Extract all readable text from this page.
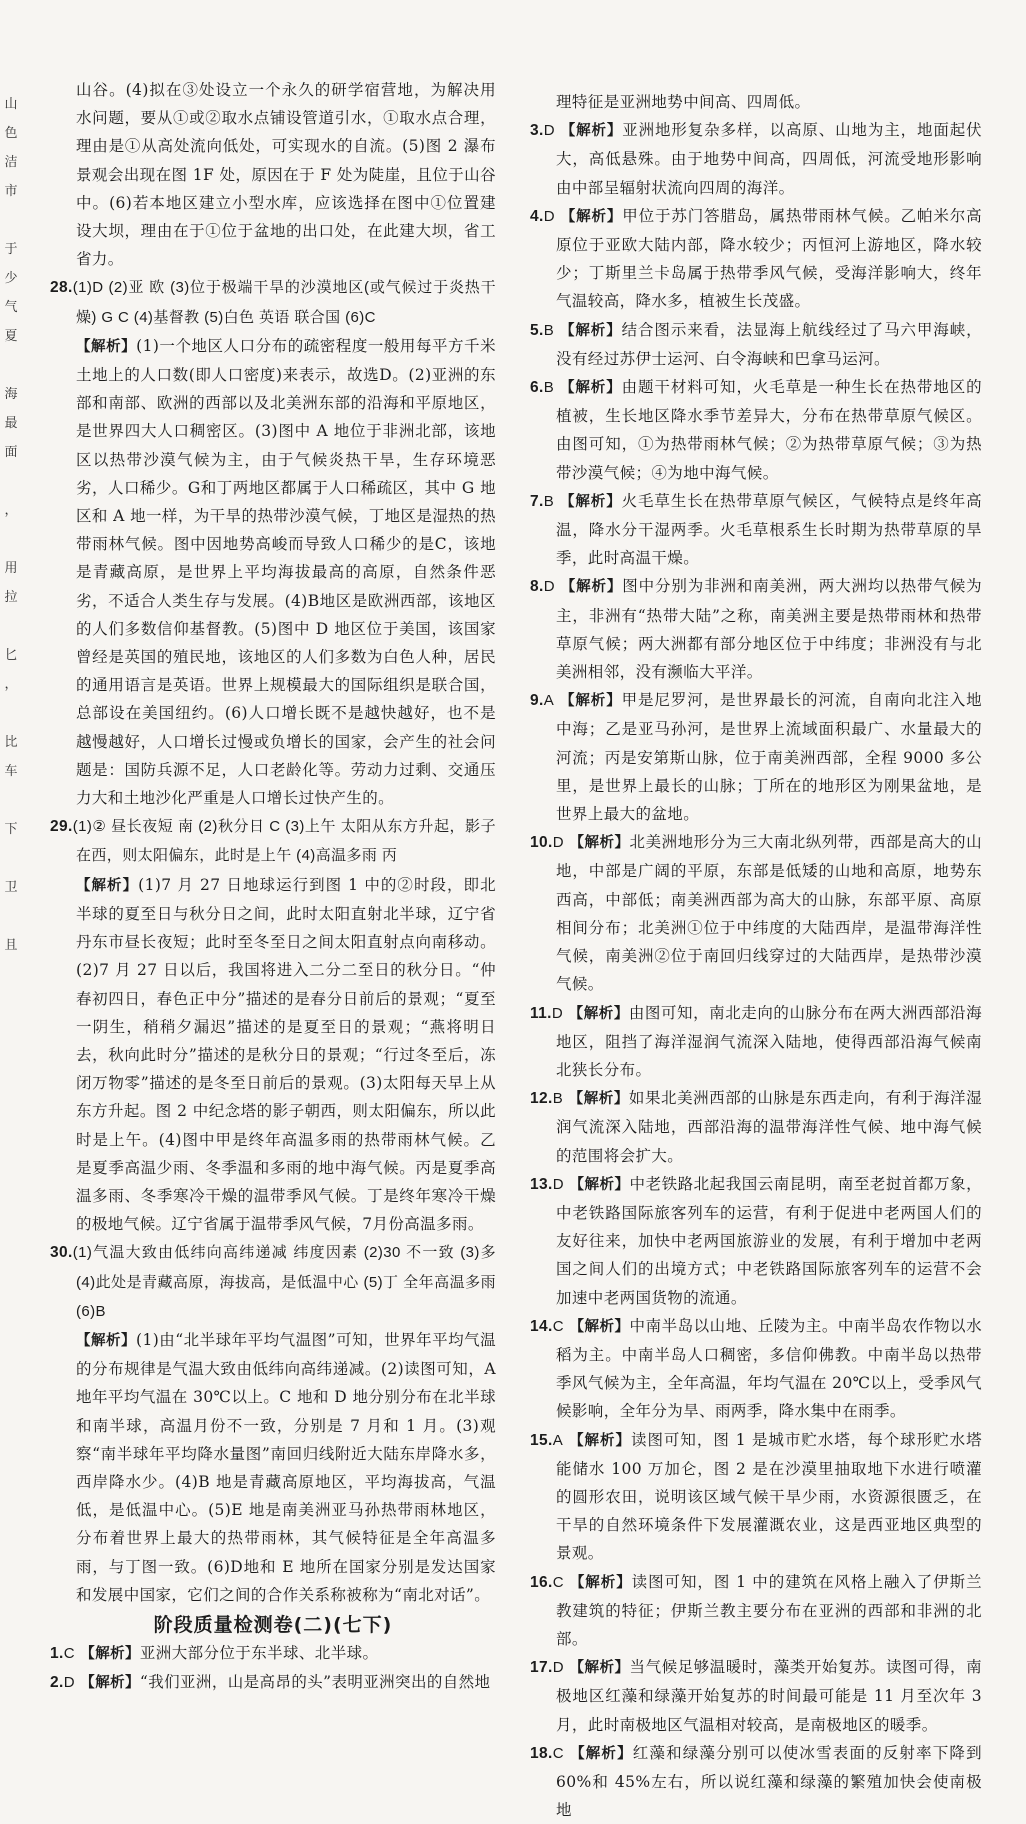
山
色
洁
市

于
少
气
夏

海
最
面

，

用
拉

匕
，

比
车

下

卫

且

山谷。(4)拟在③处设立一个永久的研学宿营地，为解决用水问题，要从①或②取水点铺设管道引水，①取水点合理，理由是①从高处流向低处，可实现水的自流。(5)图 2 瀑布景观会出现在图 1F 处，原因在于 F 处为陡崖，且位于山谷中。(6)若本地区建立小型水库，应该选择在图中①位置建设大坝，理由在于①位于盆地的出口处，在此建大坝，省工省力。

28.(1)D (2)亚 欧 (3)位于极端干旱的沙漠地区(或气候过于炎热干燥) G C (4)基督教 (5)白色 英语 联合国 (6)C

【解析】(1)一个地区人口分布的疏密程度一般用每平方千米土地上的人口数(即人口密度)来表示，故选D。(2)亚洲的东部和南部、欧洲的西部以及北美洲东部的沿海和平原地区，是世界四大人口稠密区。(3)图中 A 地位于非洲北部，该地区以热带沙漠气候为主，由于气候炎热干旱，生存环境恶劣，人口稀少。G和丁两地区都属于人口稀疏区，其中 G 地区和 A 地一样，为干旱的热带沙漠气候，丁地区是湿热的热带雨林气候。图中因地势高峻而导致人口稀少的是C，该地是青藏高原，是世界上平均海拔最高的高原，自然条件恶劣，不适合人类生存与发展。(4)B地区是欧洲西部，该地区的人们多数信仰基督教。(5)图中 D 地区位于美国，该国家曾经是英国的殖民地，该地区的人们多数为白色人种，居民的通用语言是英语。世界上规模最大的国际组织是联合国，总部设在美国纽约。(6)人口增长既不是越快越好，也不是越慢越好，人口增长过慢或负增长的国家，会产生的社会问题是：国防兵源不足，人口老龄化等。劳动力过剩、交通压力大和土地沙化严重是人口增长过快产生的。

29.(1)② 昼长夜短 南 (2)秋分日 C (3)上午 太阳从东方升起，影子在西，则太阳偏东，此时是上午 (4)高温多雨 丙

【解析】(1)7 月 27 日地球运行到图 1 中的②时段，即北半球的夏至日与秋分日之间，此时太阳直射北半球，辽宁省丹东市昼长夜短；此时至冬至日之间太阳直射点向南移动。(2)7 月 27 日以后，我国将进入二分二至日的秋分日。“仲春初四日，春色正中分”描述的是春分日前后的景观；“夏至一阴生，稍稍夕漏迟”描述的是夏至日的景观；“燕将明日去，秋向此时分”描述的是秋分日的景观；“行过冬至后，冻闭万物零”描述的是冬至日前后的景观。(3)太阳每天早上从东方升起。图 2 中纪念塔的影子朝西，则太阳偏东，所以此时是上午。(4)图中甲是终年高温多雨的热带雨林气候。乙是夏季高温少雨、冬季温和多雨的地中海气候。丙是夏季高温多雨、冬季寒冷干燥的温带季风气候。丁是终年寒冷干燥的极地气候。辽宁省属于温带季风气候，7月份高温多雨。

30.(1)气温大致由低纬向高纬递减 纬度因素 (2)30 不一致 (3)多 (4)此处是青藏高原，海拔高，是低温中心 (5)丁 全年高温多雨 (6)B

【解析】(1)由“北半球年平均气温图”可知，世界年平均气温的分布规律是气温大致由低纬向高纬递减。(2)读图可知，A 地年平均气温在 30℃以上。C 地和 D 地分别分布在北半球和南半球，高温月份不一致，分别是 7 月和 1 月。(3)观察“南半球年平均降水量图”南回归线附近大陆东岸降水多，西岸降水少。(4)B 地是青藏高原地区，平均海拔高，气温低，是低温中心。(5)E 地是南美洲亚马孙热带雨林地区，分布着世界上最大的热带雨林，其气候特征是全年高温多雨，与丁图一致。(6)D地和 E 地所在国家分别是发达国家和发展中国家，它们之间的合作关系称被称为“南北对话”。

阶段质量检测卷(二)(七下)

1.C 【解析】亚洲大部分位于东半球、北半球。

2.D 【解析】“我们亚洲，山是高昂的头”表明亚洲突出的自然地

理特征是亚洲地势中间高、四周低。

3.D 【解析】亚洲地形复杂多样，以高原、山地为主，地面起伏大，高低悬殊。由于地势中间高，四周低，河流受地形影响由中部呈辐射状流向四周的海洋。

4.D 【解析】甲位于苏门答腊岛，属热带雨林气候。乙帕米尔高原位于亚欧大陆内部，降水较少；丙恒河上游地区，降水较少；丁斯里兰卡岛属于热带季风气候，受海洋影响大，终年气温较高，降水多，植被生长茂盛。

5.B 【解析】结合图示来看，法显海上航线经过了马六甲海峡，没有经过苏伊士运河、白令海峡和巴拿马运河。

6.B 【解析】由题干材料可知，火毛草是一种生长在热带地区的植被，生长地区降水季节差异大，分布在热带草原气候区。由图可知，①为热带雨林气候；②为热带草原气候；③为热带沙漠气候；④为地中海气候。

7.B 【解析】火毛草生长在热带草原气候区，气候特点是终年高温，降水分干湿两季。火毛草根系生长时期为热带草原的旱季，此时高温干燥。

8.D 【解析】图中分别为非洲和南美洲，两大洲均以热带气候为主，非洲有“热带大陆”之称，南美洲主要是热带雨林和热带草原气候；两大洲都有部分地区位于中纬度；非洲没有与北美洲相邻，没有濒临大平洋。

9.A 【解析】甲是尼罗河，是世界最长的河流，自南向北注入地中海；乙是亚马孙河，是世界上流域面积最广、水量最大的河流；丙是安第斯山脉，位于南美洲西部，全程 9000 多公里，是世界上最长的山脉；丁所在的地形区为刚果盆地，是世界上最大的盆地。

10.D 【解析】北美洲地形分为三大南北纵列带，西部是高大的山地，中部是广阔的平原，东部是低矮的山地和高原，地势东西高，中部低；南美洲西部为高大的山脉，东部平原、高原相间分布；北美洲①位于中纬度的大陆西岸，是温带海洋性气候，南美洲②位于南回归线穿过的大陆西岸，是热带沙漠气候。

11.D 【解析】由图可知，南北走向的山脉分布在两大洲西部沿海地区，阻挡了海洋湿润气流深入陆地，使得西部沿海气候南北狭长分布。

12.B 【解析】如果北美洲西部的山脉是东西走向，有利于海洋湿润气流深入陆地，西部沿海的温带海洋性气候、地中海气候的范围将会扩大。

13.D 【解析】中老铁路北起我国云南昆明，南至老挝首都万象，中老铁路国际旅客列车的运营，有利于促进中老两国人们的友好往来，加快中老两国旅游业的发展，有利于增加中老两国之间人们的出境方式；中老铁路国际旅客列车的运营不会加速中老两国货物的流通。

14.C 【解析】中南半岛以山地、丘陵为主。中南半岛农作物以水稻为主。中南半岛人口稠密，多信仰佛教。中南半岛以热带季风气候为主，全年高温，年均气温在 20℃以上，受季风气候影响，全年分为旱、雨两季，降水集中在雨季。

15.A 【解析】读图可知，图 1 是城市贮水塔，每个球形贮水塔能储水 100 万加仑，图 2 是在沙漠里抽取地下水进行喷灌的圆形农田，说明该区域气候干旱少雨，水资源很匮乏，在干旱的自然环境条件下发展灌溉农业，这是西亚地区典型的景观。

16.C 【解析】读图可知，图 1 中的建筑在风格上融入了伊斯兰教建筑的特征；伊斯兰教主要分布在亚洲的西部和非洲的北部。

17.D 【解析】当气候足够温暖时，藻类开始复苏。读图可得，南极地区红藻和绿藻开始复苏的时间最可能是 11 月至次年 3 月，此时南极地区气温相对较高，是南极地区的暖季。

18.C 【解析】红藻和绿藻分别可以使冰雪表面的反射率下降到 60%和 45%左右，所以说红藻和绿藻的繁殖加快会使南极地
